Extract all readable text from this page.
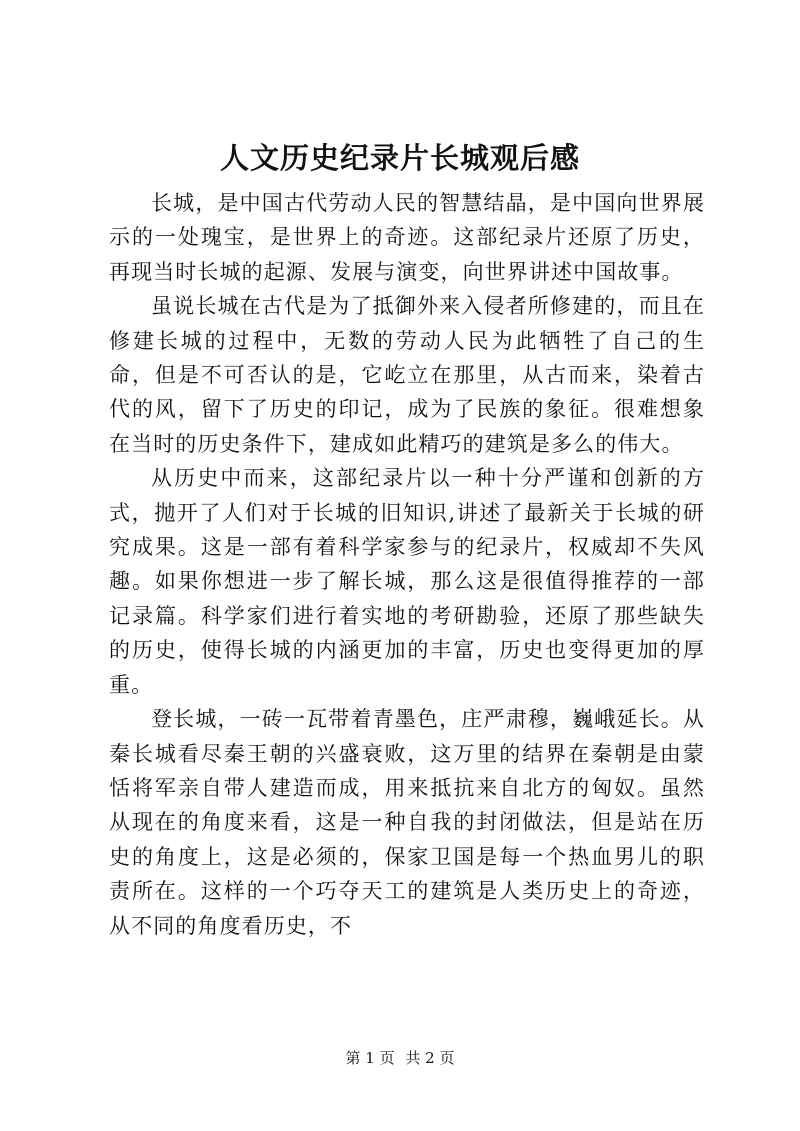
人文历史纪录片长城观后感

长城，是中国古代劳动人民的智慧结晶，是中国向世界展示的一处瑰宝，是世界上的奇迹。这部纪录片还原了历史，再现当时长城的起源、发展与演变，向世界讲述中国故事。

虽说长城在古代是为了抵御外来入侵者所修建的，而且在修建长城的过程中，无数的劳动人民为此牺牲了自己的生命，但是不可否认的是，它屹立在那里，从古而来，染着古代的风，留下了历史的印记，成为了民族的象征。很难想象在当时的历史条件下，建成如此精巧的建筑是多么的伟大。

从历史中而来，这部纪录片以一种十分严谨和创新的方式，抛开了人们对于长城的旧知识,讲述了最新关于长城的研究成果。这是一部有着科学家参与的纪录片，权威却不失风趣。如果你想进一步了解长城，那么这是很值得推荐的一部记录篇。科学家们进行着实地的考研勘验，还原了那些缺失的历史，使得长城的内涵更加的丰富，历史也变得更加的厚重。

登长城，一砖一瓦带着青墨色，庄严肃穆，巍峨延长。从秦长城看尽秦王朝的兴盛衰败，这万里的结界在秦朝是由蒙恬将军亲自带人建造而成，用来抵抗来自北方的匈奴。虽然从现在的角度来看，这是一种自我的封闭做法，但是站在历史的角度上，这是必须的，保家卫国是每一个热血男儿的职责所在。这样的一个巧夺天工的建筑是人类历史上的奇迹，从不同的角度看历史，不

第 1 页 共 2 页
